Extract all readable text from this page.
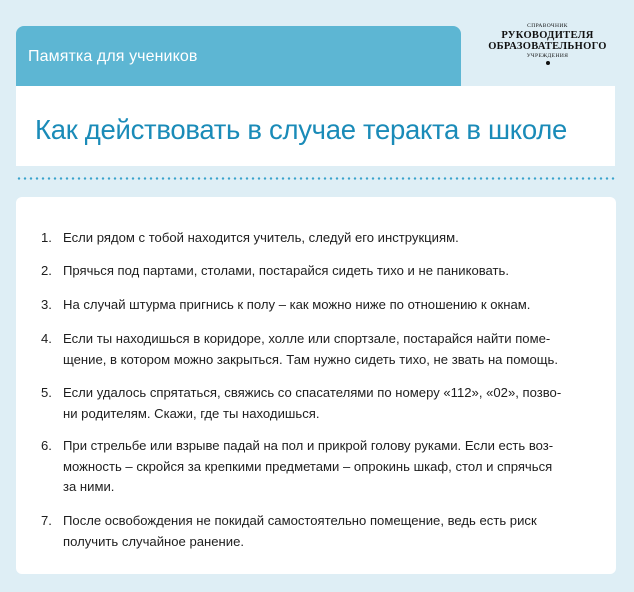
Памятка для учеников
СПРАВОЧНИК
РУКОВОДИТЕЛЯ
ОБРАЗОВАТЕЛЬНОГО
УЧРЕЖДЕНИЯ
Как действовать в случае теракта в школе
1. Если рядом с тобой находится учитель, следуй его инструкциям.
2. Прячься под партами, столами, постарайся сидеть тихо и не паниковать.
3. На случай штурма пригнись к полу – как можно ниже по отношению к окнам.
4. Если ты находишься в коридоре, холле или спортзале, постарайся найти поме-
щение, в котором можно закрыться. Там нужно сидеть тихо, не звать на помощь.
5. Если удалось спрятаться, свяжись со спасателями по номеру «112», «02», позво-
ни родителям. Скажи, где ты находишься.
6. При стрельбе или взрыве падай на пол и прикрой голову руками. Если есть воз-
можность – скройся за крепкими предметами – опрокинь шкаф, стол и спрячься
за ними.
7. После освобождения не покидай самостоятельно помещение, ведь есть риск
получить случайное ранение.
